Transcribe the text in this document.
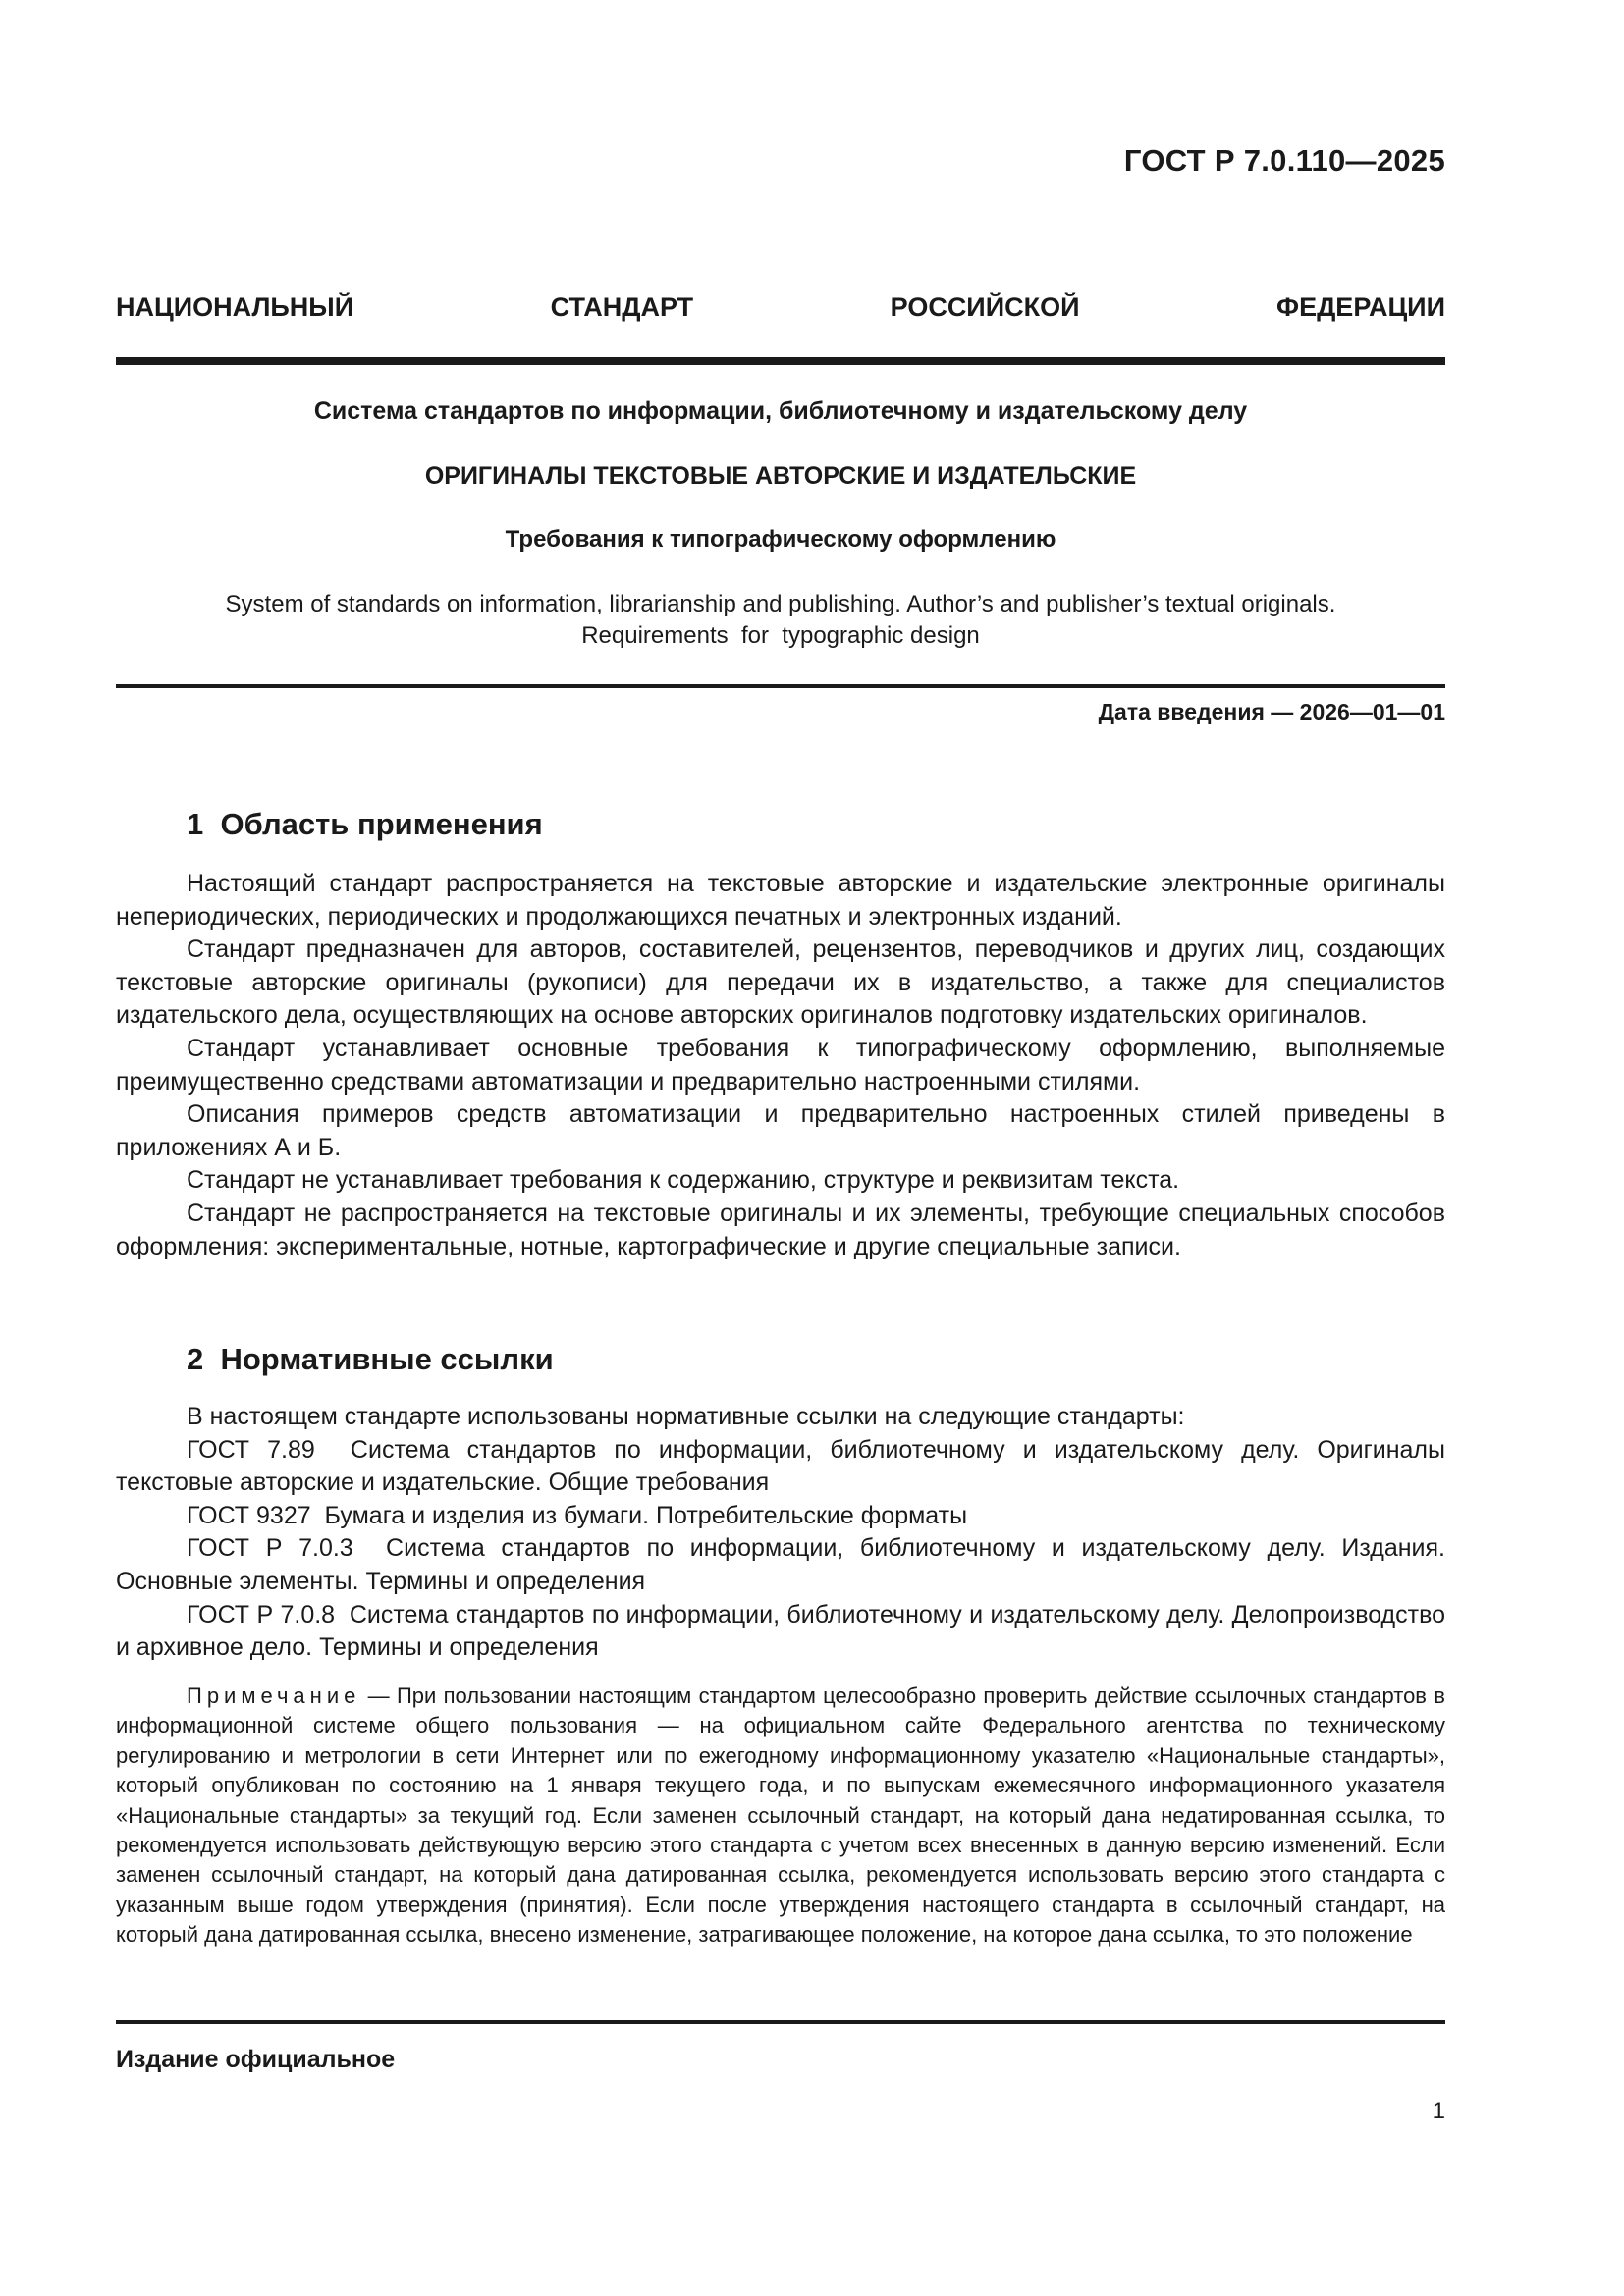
ГОСТ Р 7.0.110—2025
НАЦИОНАЛЬНЫЙ СТАНДАРТ РОССИЙСКОЙ ФЕДЕРАЦИИ
Система стандартов по информации, библиотечному и издательскому делу
ОРИГИНАЛЫ ТЕКСТОВЫЕ АВТОРСКИЕ И ИЗДАТЕЛЬСКИЕ
Требования к типографическому оформлению
System of standards on information, librarianship and publishing. Author’s and publisher’s textual originals.
Requirements  for  typographic design
Дата введения — 2026—01—01
1  Область применения

Настоящий стандарт распространяется на текстовые авторские и издательские электронные оригиналы непериодических, периодических и продолжающихся печатных и электронных изданий.

Стандарт предназначен для авторов, составителей, рецензентов, переводчиков и других лиц, создающих текстовые авторские оригиналы (рукописи) для передачи их в издательство, а также для специалистов издательского дела, осуществляющих на основе авторских оригиналов подготовку издательских оригиналов.

Стандарт устанавливает основные требования к типографическому оформлению, выполняемые преимущественно средствами автоматизации и предварительно настроенными стилями.

Описания примеров средств автоматизации и предварительно настроенных стилей приведены в приложениях А и Б.

Стандарт не устанавливает требования к содержанию, структуре и реквизитам текста.

Стандарт не распространяется на текстовые оригиналы и их элементы, требующие специальных способов оформления: экспериментальные, нотные, картографические и другие специальные записи.

2  Нормативные ссылки

В настоящем стандарте использованы нормативные ссылки на следующие стандарты:

ГОСТ 7.89  Система стандартов по информации, библиотечному и издательскому делу. Оригиналы текстовые авторские и издательские. Общие требования

ГОСТ 9327  Бумага и изделия из бумаги. Потребительские форматы

ГОСТ Р 7.0.3  Система стандартов по информации, библиотечному и издательскому делу. Издания. Основные элементы. Термины и определения

ГОСТ Р 7.0.8  Система стандартов по информации, библиотечному и издательскому делу. Делопроизводство и архивное дело. Термины и определения

Примечание — При пользовании настоящим стандартом целесообразно проверить действие ссылочных стандартов в информационной системе общего пользования — на официальном сайте Федерального агентства по техническому регулированию и метрологии в сети Интернет или по ежегодному информационному указателю «Национальные стандарты», который опубликован по состоянию на 1 января текущего года, и по выпускам ежемесячного информационного указателя «Национальные стандарты» за текущий год. Если заменен ссылочный стандарт, на который дана недатированная ссылка, то рекомендуется использовать действующую версию этого стандарта с учетом всех внесенных в данную версию изменений. Если заменен ссылочный стандарт, на который дана датированная ссылка, рекомендуется использовать версию этого стандарта с указанным выше годом утверждения (принятия). Если после утверждения настоящего стандарта в ссылочный стандарт, на который дана датированная ссылка, внесено изменение, затрагивающее положение, на которое дана ссылка, то это положение

Издание официальное
1
